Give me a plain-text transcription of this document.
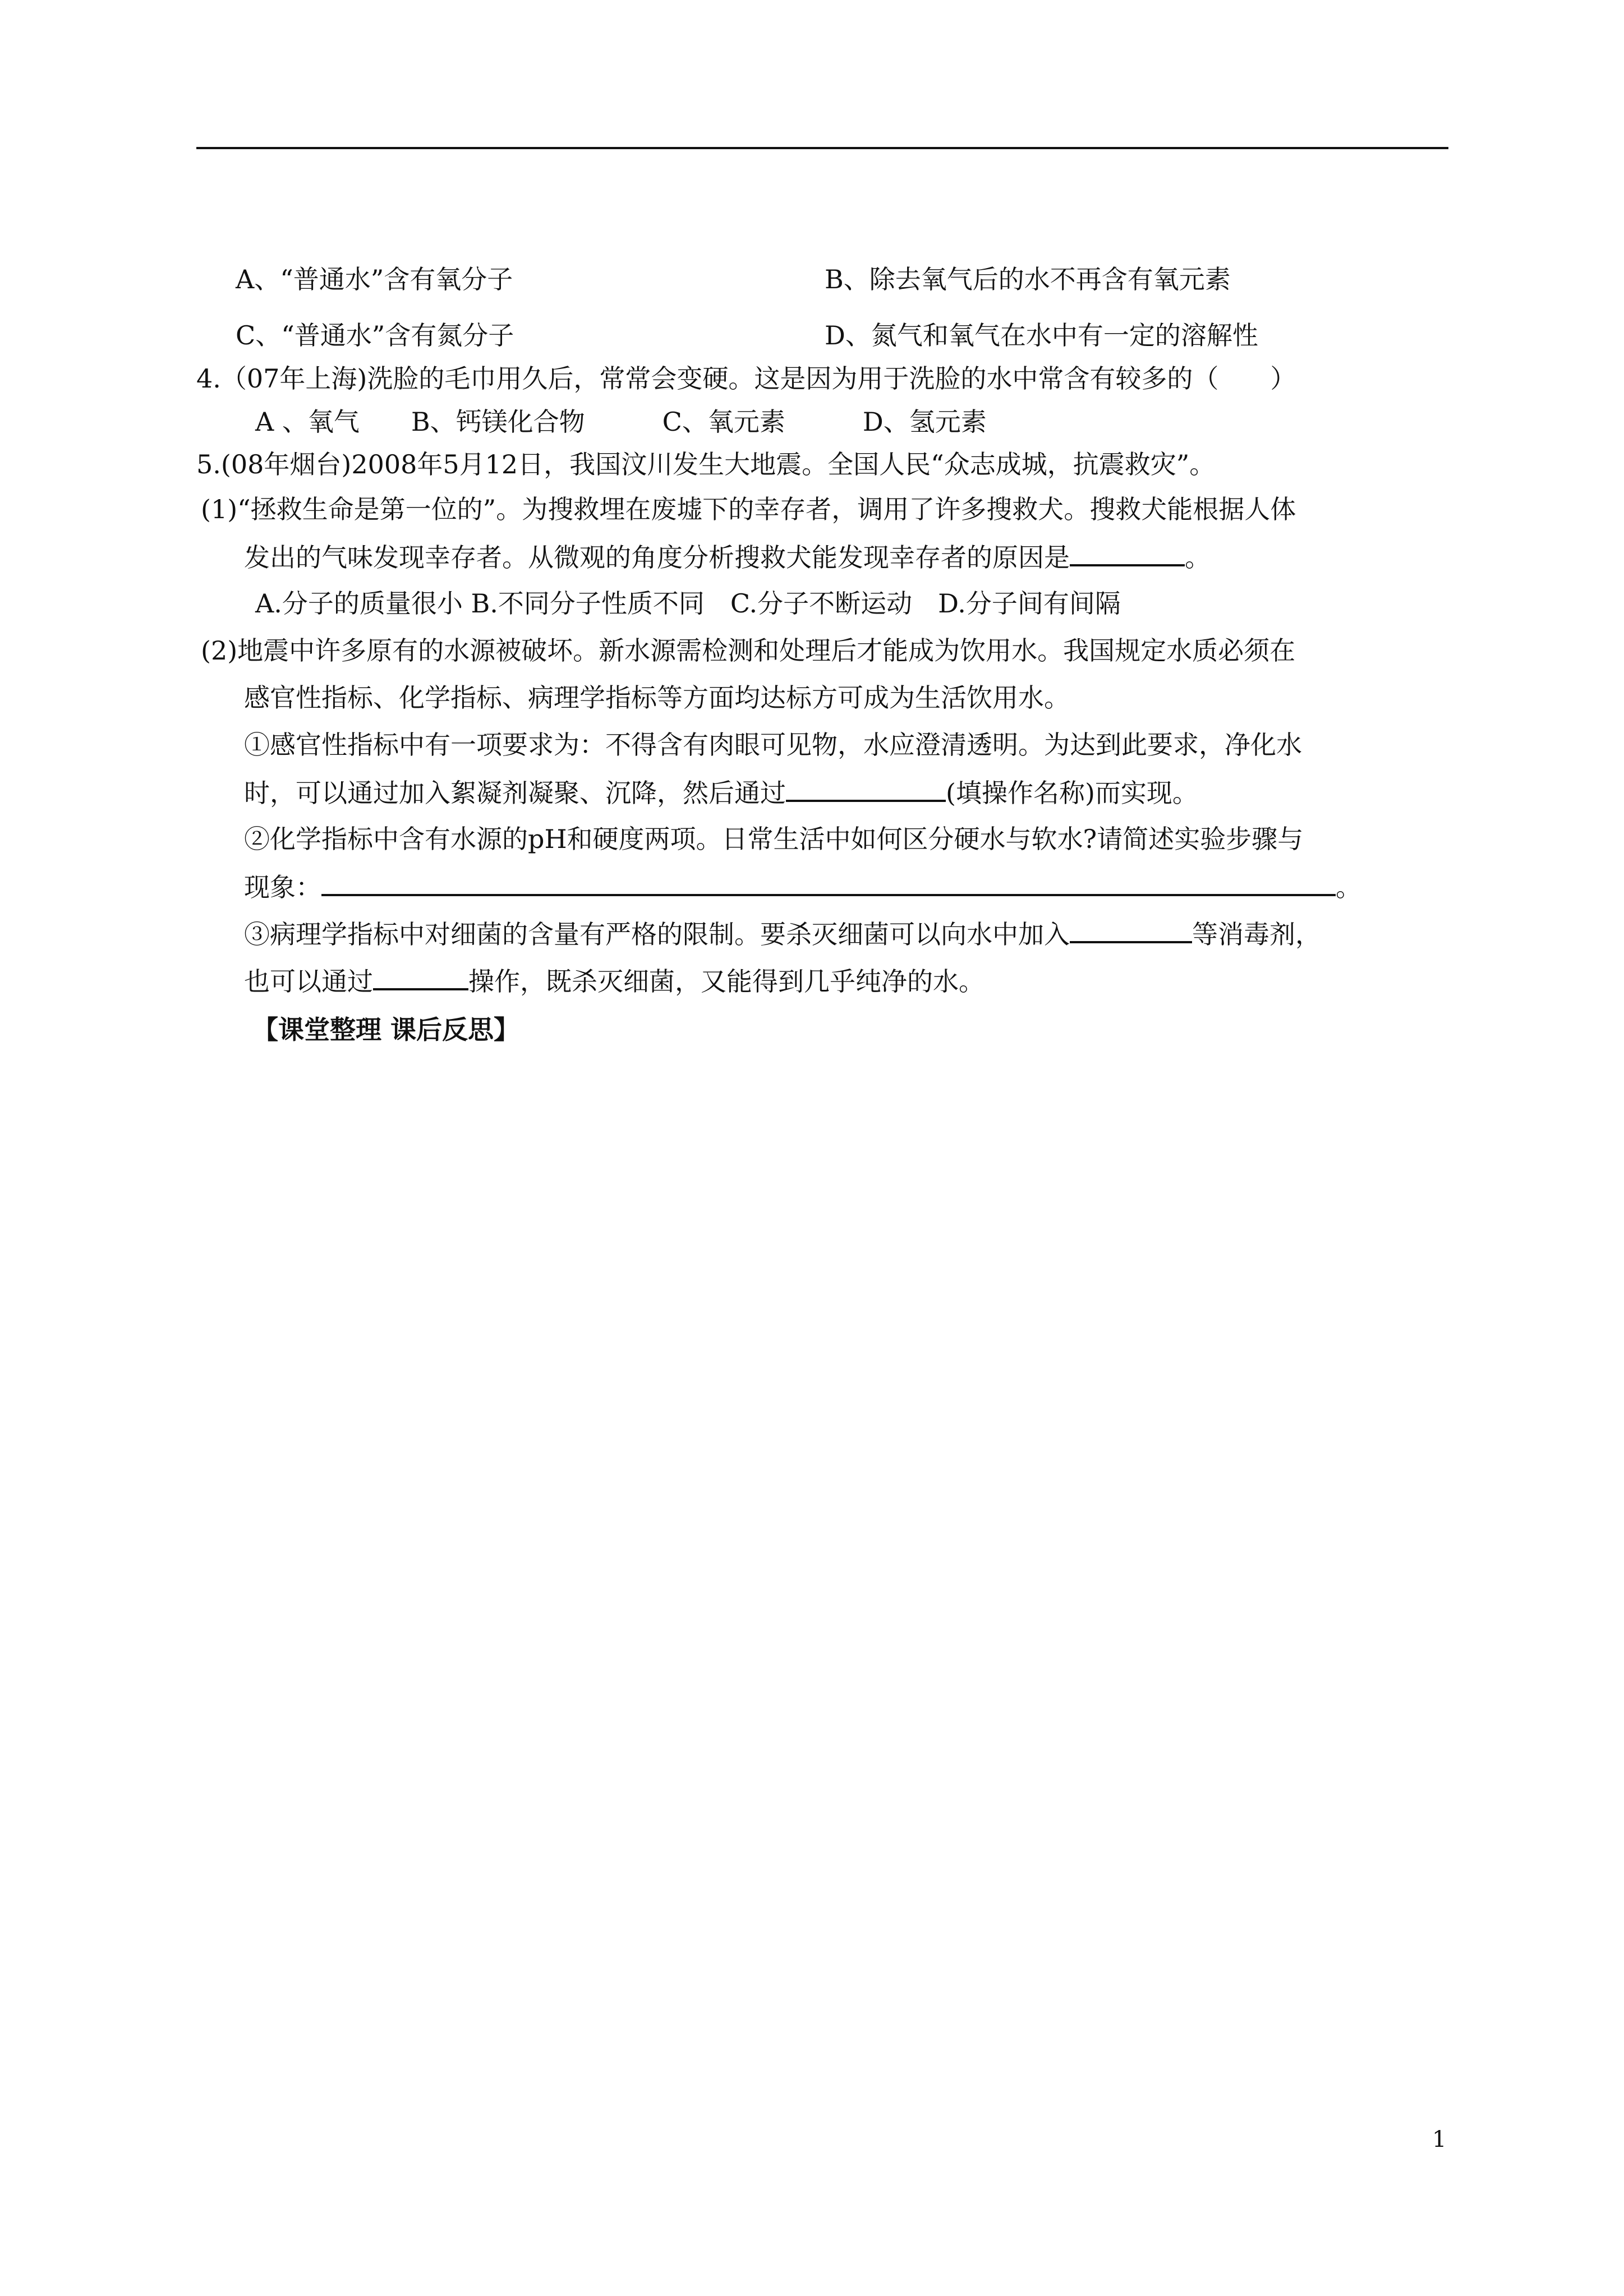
A、“普通水”含有氧分子	B、除去氧气后的水不再含有氧元素
C、“普通水”含有氮分子	D、氮气和氧气在水中有一定的溶解性
4.（07年上海)洗脸的毛巾用久后，常常会变硬。这是因为用于洗脸的水中常含有较多的（　　）
A 、氧气　　B、钙镁化合物　　　C、氧元素　　　D、氢元素
5.(08年烟台)2008年5月12日，我国汶川发生大地震。全国人民“众志成城，抗震救灾”。
(1)“拯救生命是第一位的”。为搜救埋在废墟下的幸存者，调用了许多搜救犬。搜救犬能根据人体
发出的气味发现幸存者。从微观的角度分析搜救犬能发现幸存者的原因是	。
A.分子的质量很小 B.不同分子性质不同　C.分子不断运动　D.分子间有间隔
(2)地震中许多原有的水源被破坏。新水源需检测和处理后才能成为饮用水。我国规定水质必须在
感官性指标、化学指标、病理学指标等方面均达标方可成为生活饮用水。
①感官性指标中有一项要求为：不得含有肉眼可见物，水应澄清透明。为达到此要求，净化水
时，可以通过加入絮凝剂凝聚、沉降，然后通过	(填操作名称)而实现。
②化学指标中含有水源的pH和硬度两项。日常生活中如何区分硬水与软水?请简述实验步骤与
现象：	。
③病理学指标中对细菌的含量有严格的限制。要杀灭细菌可以向水中加入	等消毒剂，
也可以通过	操作，既杀灭细菌，又能得到几乎纯净的水。
【课堂整理 课后反思】
1
